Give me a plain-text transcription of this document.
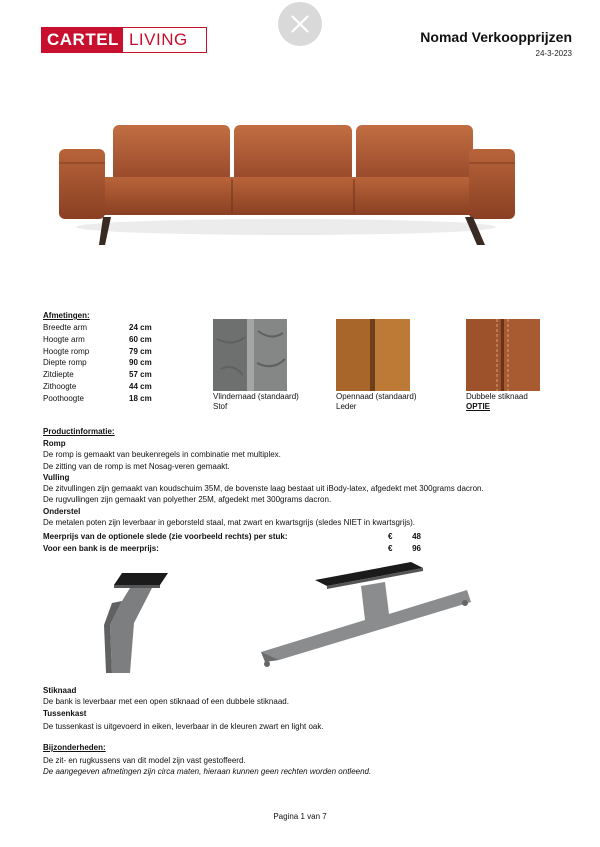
CARTEL LIVING	Nomad Verkoopprijzen
24-3-2023
Afmetingen:
Breedte arm	24 cm
Hoogte arm	60 cm
Hoogte romp	79 cm
Diepte romp	90 cm
Zitdiepte	57 cm
Zithoogte	44 cm
Poothoogte	18 cm	Vlindernaad (standaard)
Stof
Opennaad (standaard)
Leder
Dubbele stiknaad
OPTIE
Productinformatie:
Romp
De romp is gemaakt van beukenregels in combinatie met multiplex.
De zitting van de romp is met Nosag-veren gemaakt.
Vulling
De zitvullingen zijn gemaakt van koudschuim 35M, de bovenste laag bestaat uit iBody-latex, afgedekt met 300grams dacron.
De rugvullingen zijn gemaakt van polyether 25M, afgedekt met 300grams dacron.
Onderstel
De metalen poten zijn leverbaar in geborsteld staal, mat zwart en kwartsgrijs (sledes NIET in kwartsgrijs).
Meerprijs van de optionele slede (zie voorbeeld rechts) per stuk:	€	48
Voor een bank is de meerprijs:	€	96
Stiknaad
De bank is leverbaar met een open stiknaad of een dubbele stiknaad.
Tussenkast
De tussenkast is uitgevoerd in eiken, leverbaar in de kleuren zwart en light oak.
Bijzonderheden:
De zit- en rugkussens van dit model zijn vast gestoffeerd.
De aangegeven afmetingen zijn circa maten, hieraan kunnen geen rechten worden ontleend.
Pagina 1 van 7
